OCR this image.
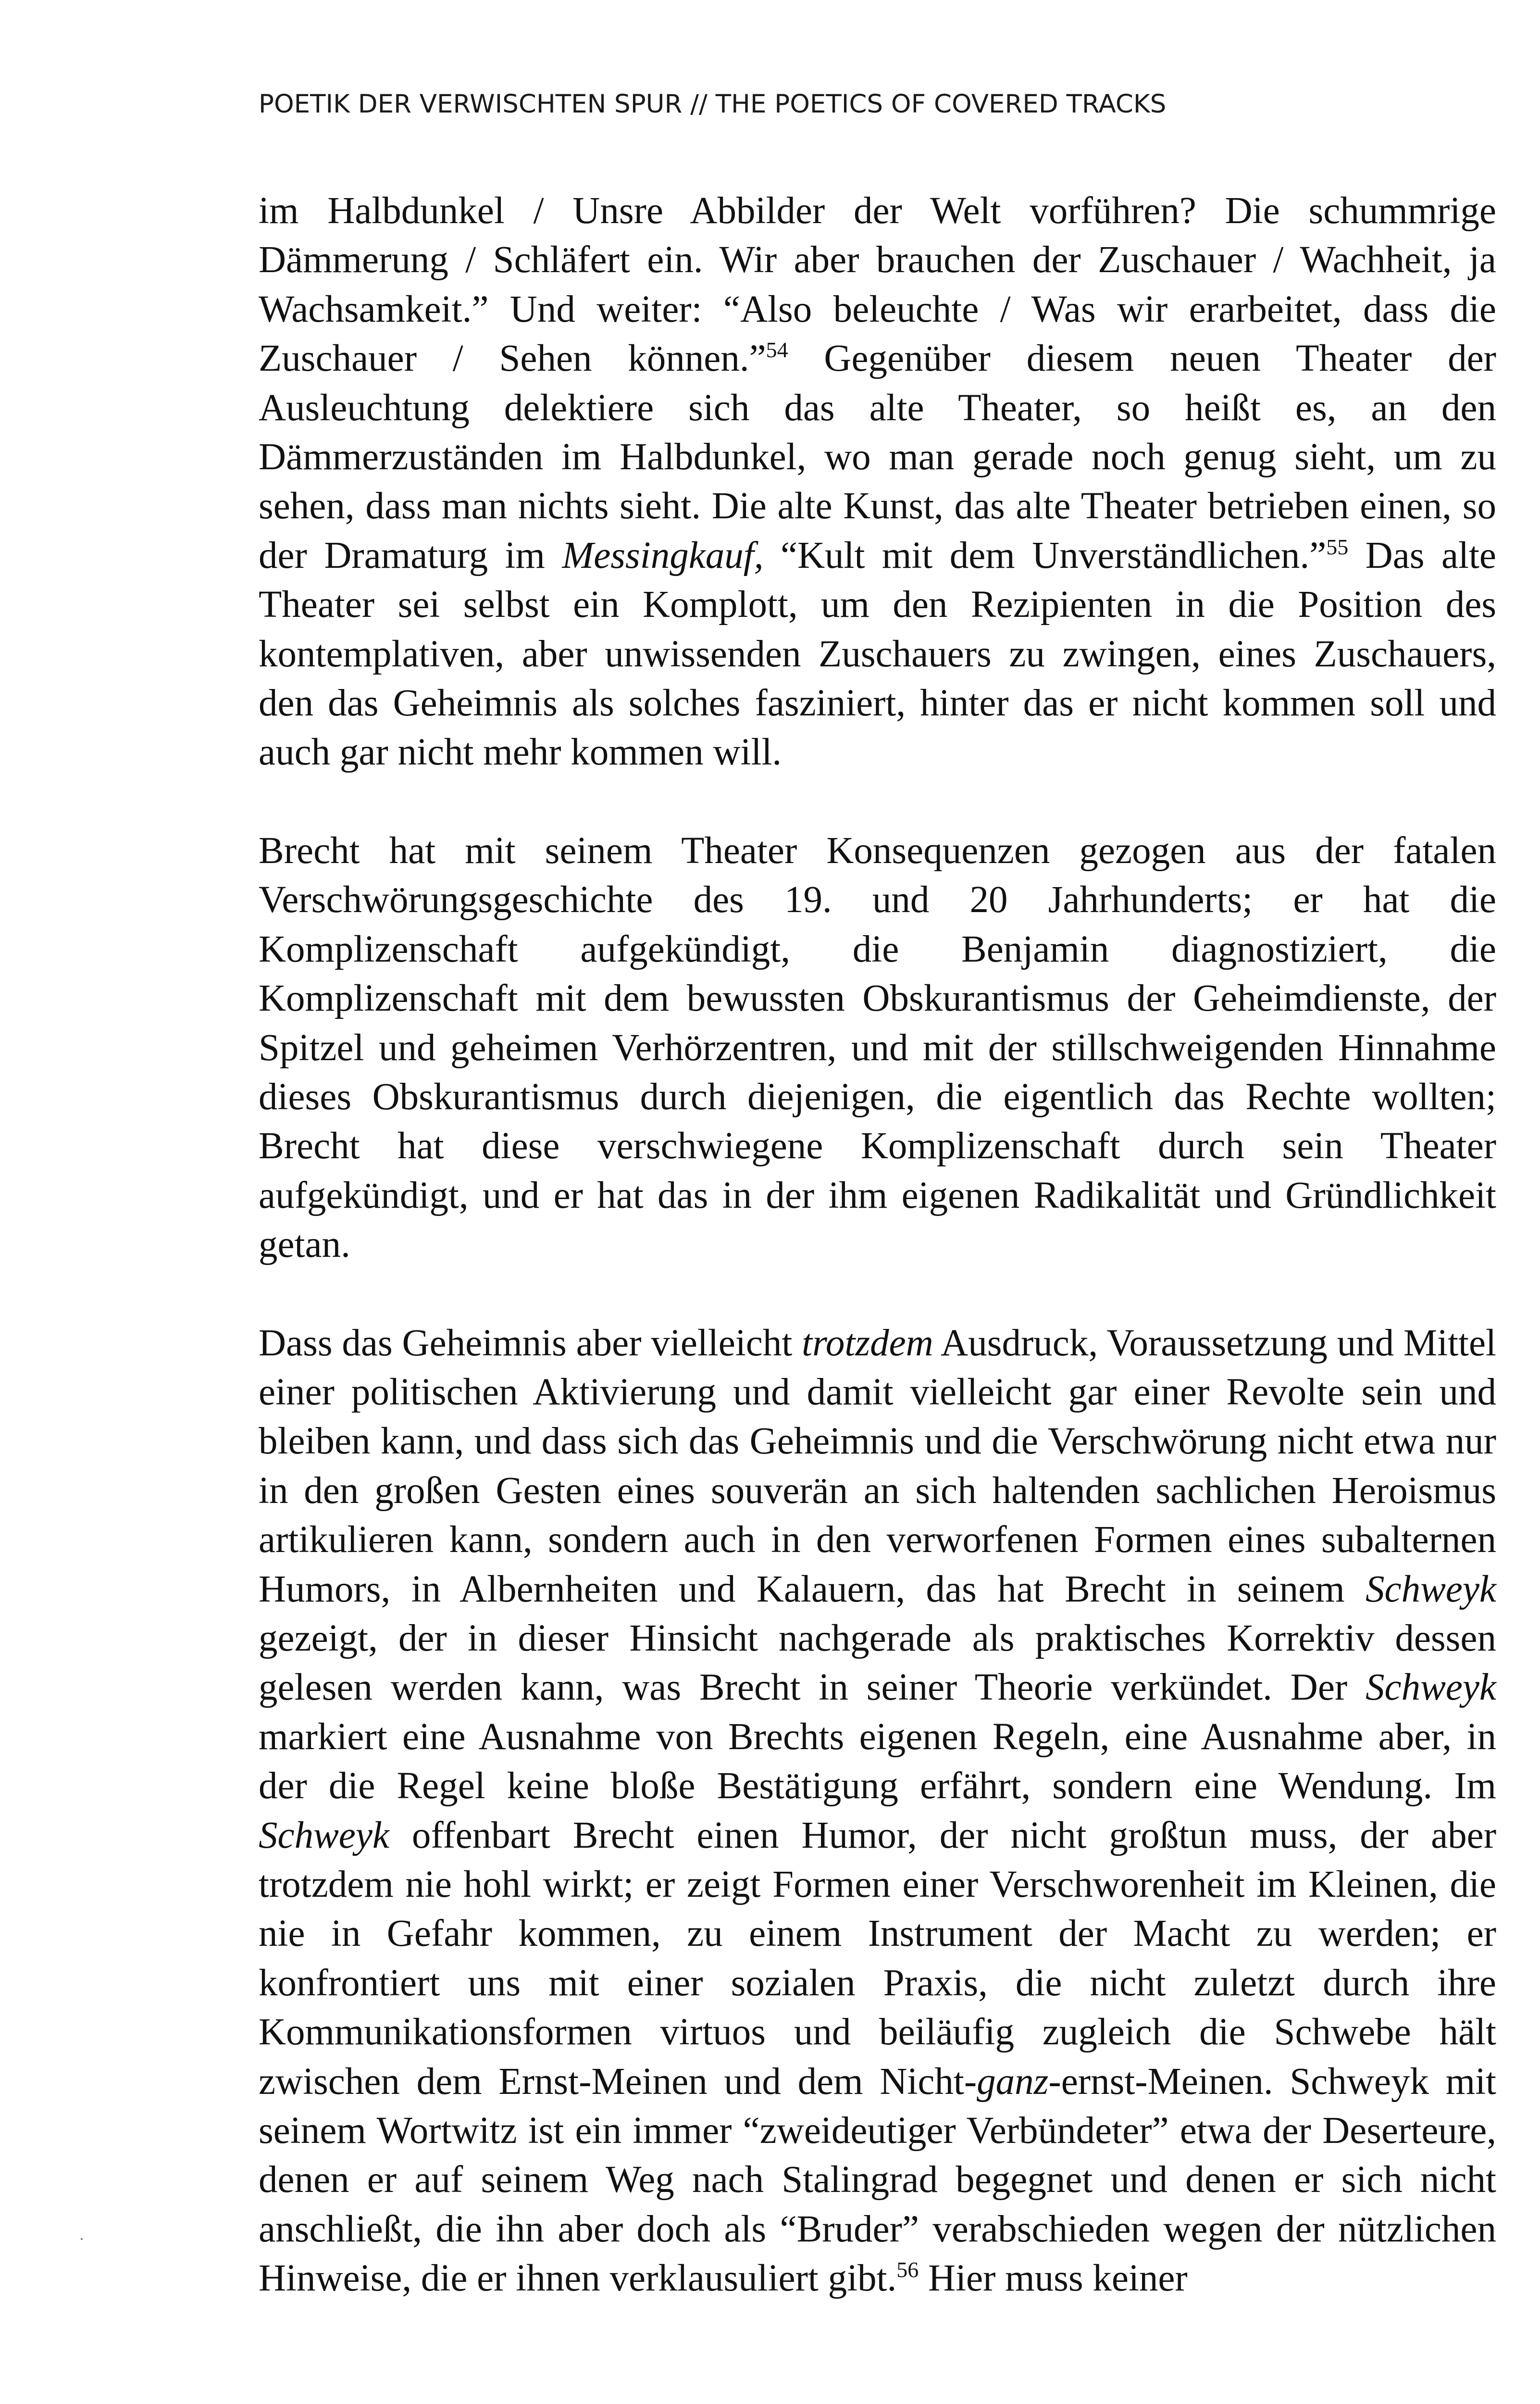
POETIK DER VERWISCHTEN SPUR // THE POETICS OF COVERED TRACKS

im Halbdunkel / Unsre Abbilder der Welt vorführen? Die schummrige Dämmerung / Schläfert ein. Wir aber brauchen der Zuschauer / Wachheit, ja Wachsamkeit.” Und weiter: “Also beleuchte / Was wir erarbeitet, dass die Zuschauer / Sehen können.”$^{54}$ Gegenüber diesem neuen Theater der Ausleuchtung delektiere sich das alte Theater, so heißt es, an den Dämmerzuständen im Halbdunkel, wo man gerade noch genug sieht, um zu sehen, dass man nichts sieht. Die alte Kunst, das alte Theater betrieben einen, so der Dramaturg im Messingkauf, “Kult mit dem Unverständlichen.”$^{55}$ Das alte Theater sei selbst ein Komplott, um den Rezipienten in die Position des kontemplativen, aber unwissenden Zuschauers zu zwingen, eines Zuschauers, den das Geheimnis als solches fasziniert, hinter das er nicht kommen soll und auch gar nicht mehr kommen will.

Brecht hat mit seinem Theater Konsequenzen gezogen aus der fatalen Verschwörungsgeschichte des 19. und 20 Jahrhunderts; er hat die Komplizenschaft aufgekündigt, die Benjamin diagnostiziert, die Komplizenschaft mit dem bewussten Obskurantismus der Geheimdienste, der Spitzel und geheimen Verhörzentren, und mit der stillschweigenden Hinnahme dieses Obskurantismus durch diejenigen, die eigentlich das Rechte wollten; Brecht hat diese verschwiegene Komplizenschaft durch sein Theater aufgekündigt, und er hat das in der ihm eigenen Radikalität und Gründlichkeit getan.

Dass das Geheimnis aber vielleicht trotzdem Ausdruck, Voraussetzung und Mittel einer politischen Aktivierung und damit vielleicht gar einer Revolte sein und bleiben kann, und dass sich das Geheimnis und die Verschwörung nicht etwa nur in den großen Gesten eines souverän an sich haltenden sachlichen Heroismus artikulieren kann, sondern auch in den verworfenen Formen eines subalternen Humors, in Albernheiten und Kalauern, das hat Brecht in seinem Schweyk gezeigt, der in dieser Hinsicht nachgerade als praktisches Korrektiv dessen gelesen werden kann, was Brecht in seiner Theorie verkündet. Der Schweyk markiert eine Ausnahme von Brechts eigenen Regeln, eine Ausnahme aber, in der die Regel keine bloße Bestätigung erfährt, sondern eine Wendung. Im Schweyk offenbart Brecht einen Humor, der nicht großtun muss, der aber trotzdem nie hohl wirkt; er zeigt Formen einer Verschworenheit im Kleinen, die nie in Gefahr kommen, zu einem Instrument der Macht zu werden; er konfrontiert uns mit einer sozialen Praxis, die nicht zuletzt durch ihre Kommunikationsformen virtuos und beiläufig zugleich die Schwebe hält zwischen dem Ernst-Meinen und dem Nicht-ganz-ernst-Meinen. Schweyk mit seinem Wortwitz ist ein immer “zweideutiger Verbündeter” etwa der Deserteure, denen er auf seinem Weg nach Stalingrad begegnet und denen er sich nicht anschließt, die ihn aber doch als “Bruder” verabschieden wegen der nützlichen Hinweise, die er ihnen verklausuliert gibt.$^{56}$ Hier muss keiner
